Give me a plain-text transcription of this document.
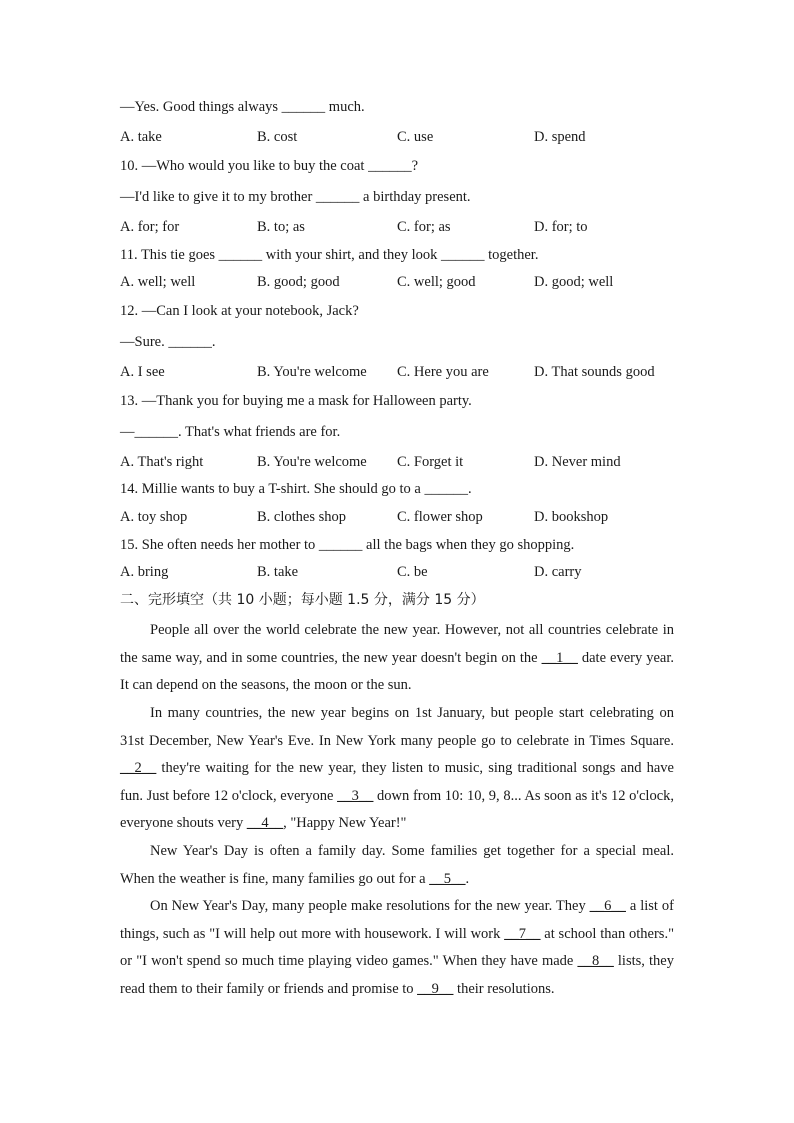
—Yes. Good things always ______ much.
A. take	B. cost	C. use	D. spend
10. —Who would you like to buy the coat ______?
—I'd like to give it to my brother ______ a birthday present.
A. for; for	B. to; as	C. for; as	D. for; to
11. This tie goes ______ with your shirt, and they look ______ together.
A. well; well	B. good; good	C. well; good	D. good; well
12. —Can I look at your notebook, Jack?
—Sure. ______.
A. I see	B. You're welcome C. Here you are	D. That sounds good
13. —Thank you for buying me a mask for Halloween party.
—______. That's what friends are for.
A. That's right	B. You're welcome C. Forget it	D. Never mind
14. Millie wants to buy a T-shirt. She should go to a ______.
A. toy shop	B. clothes shop	C. flower shop	D. bookshop
15. She often needs her mother to ______ all the bags when they go shopping.
A. bring	B. take	C. be	D. carry
二、完形填空（共 10 小题；每小题 1.5 分，满分 15 分）
People all over the world celebrate the new year. However, not all countries celebrate in the same way, and in some countries, the new year doesn't begin on the __1__ date every year. It can depend on the seasons, the moon or the sun.
In many countries, the new year begins on 1st January, but people start celebrating on 31st December, New Year's Eve. In New York many people go to celebrate in Times Square. __2__ they're waiting for the new year, they listen to music, sing traditional songs and have fun. Just before 12 o'clock, everyone __3__ down from 10: 10, 9, 8... As soon as it's 12 o'clock, everyone shouts very __4__, "Happy New Year!"
New Year's Day is often a family day. Some families get together for a special meal. When the weather is fine, many families go out for a __5__.
On New Year's Day, many people make resolutions for the new year. They __6__ a list of things, such as "I will help out more with housework. I will work __7__ at school than others." or "I won't spend so much time playing video games." When they have made __8__ lists, they read them to their family or friends and promise to __9__ their resolutions.
